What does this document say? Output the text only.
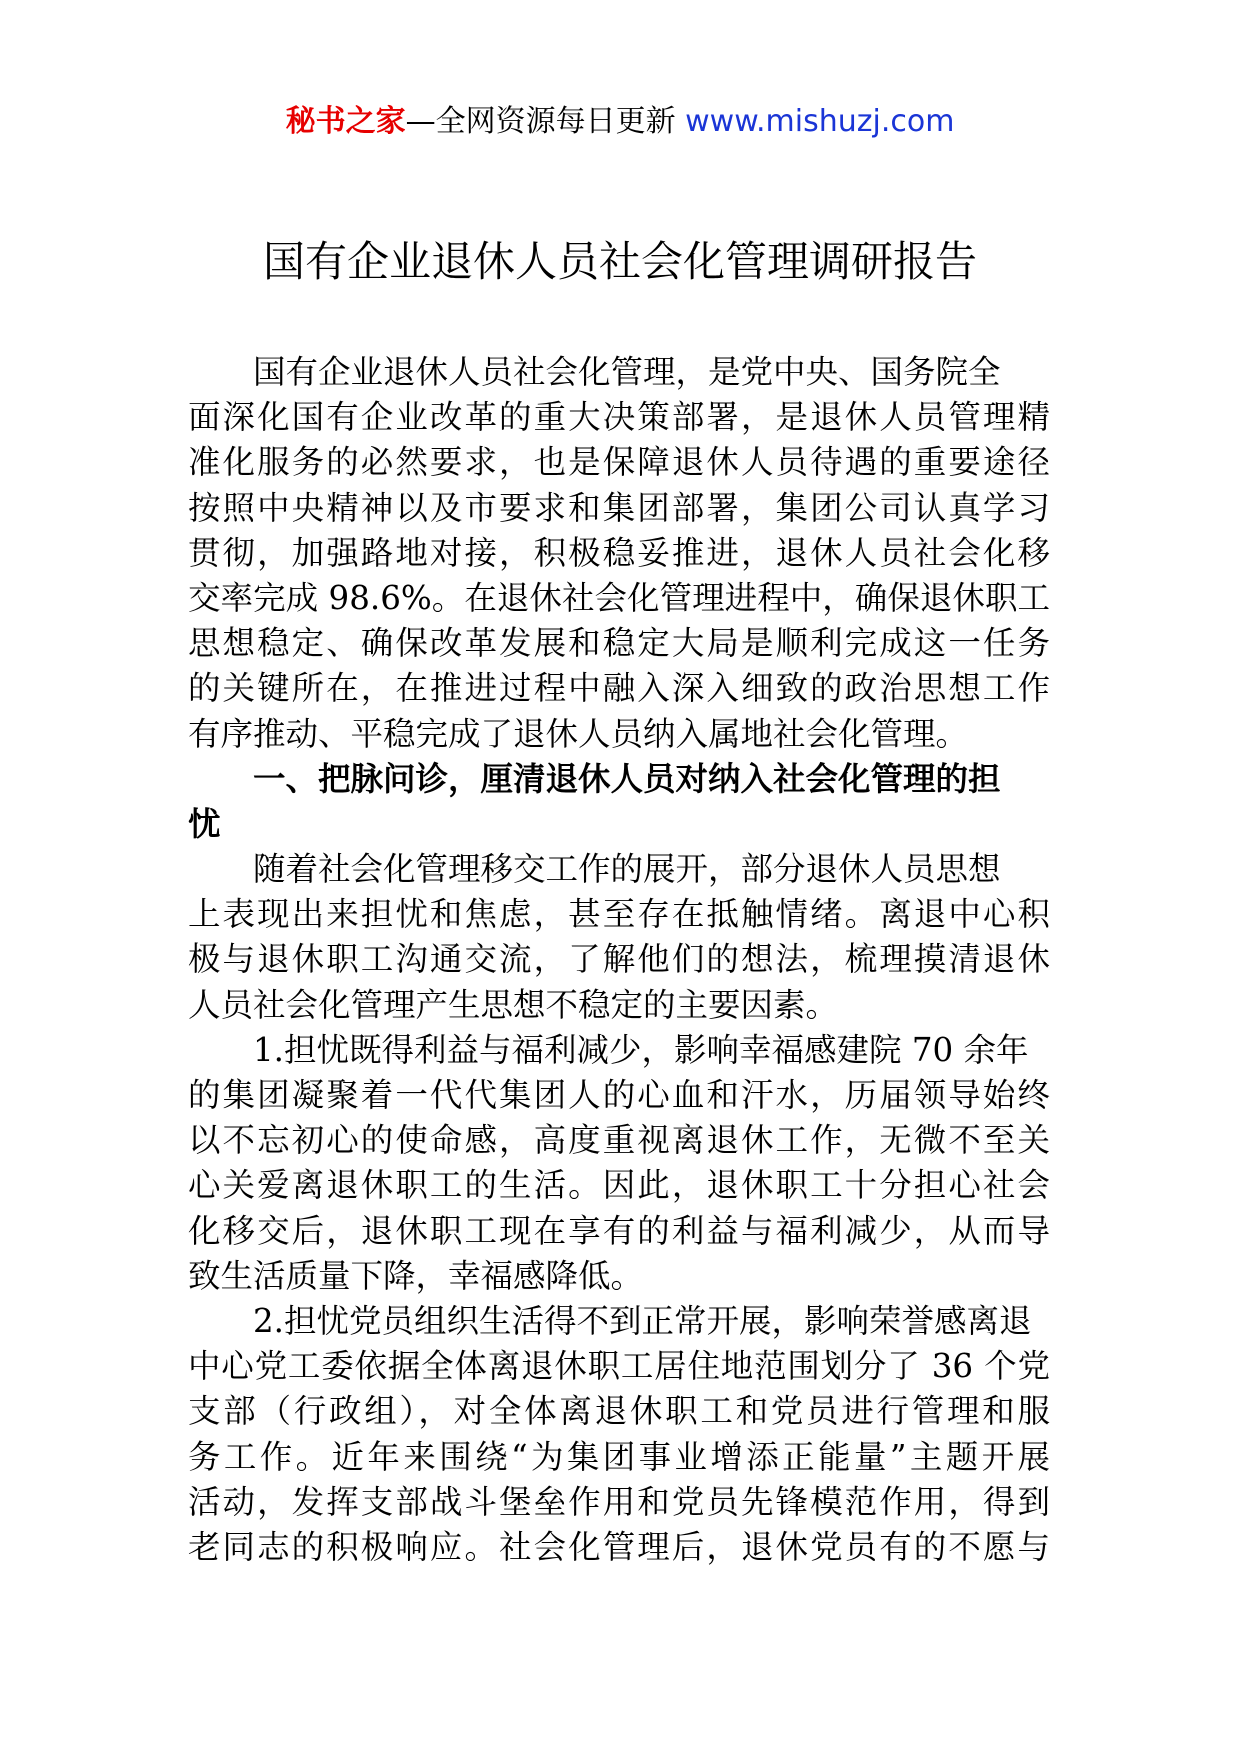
秘书之家—全网资源每日更新 www.mishuzj.com
国有企业退休人员社会化管理调研报告
国有企业退休人员社会化管理，是党中央、国务院全
面深化国有企业改革的重大决策部署，是退休人员管理精
准化服务的必然要求，也是保障退休人员待遇的重要途径
按照中央精神以及市要求和集团部署，集团公司认真学习
贯彻，加强路地对接，积极稳妥推进，退休人员社会化移
交率完成 98.6%。在退休社会化管理进程中，确保退休职工
思想稳定、确保改革发展和稳定大局是顺利完成这一任务
的关键所在，在推进过程中融入深入细致的政治思想工作
有序推动、平稳完成了退休人员纳入属地社会化管理。
一、把脉问诊，厘清退休人员对纳入社会化管理的担
忧
随着社会化管理移交工作的展开，部分退休人员思想
上表现出来担忧和焦虑，甚至存在抵触情绪。离退中心积
极与退休职工沟通交流，了解他们的想法，梳理摸清退休
人员社会化管理产生思想不稳定的主要因素。
1.担忧既得利益与福利减少，影响幸福感建院 70 余年
的集团凝聚着一代代集团人的心血和汗水，历届领导始终
以不忘初心的使命感，高度重视离退休工作，无微不至关
心关爱离退休职工的生活。因此，退休职工十分担心社会
化移交后，退休职工现在享有的利益与福利减少，从而导
致生活质量下降，幸福感降低。
2.担忧党员组织生活得不到正常开展，影响荣誉感离退
中心党工委依据全体离退休职工居住地范围划分了 36 个党
支部（行政组），对全体离退休职工和党员进行管理和服
务工作。近年来围绕“为集团事业增添正能量”主题开展
活动，发挥支部战斗堡垒作用和党员先锋模范作用，得到
老同志的积极响应。社会化管理后，退休党员有的不愿与
